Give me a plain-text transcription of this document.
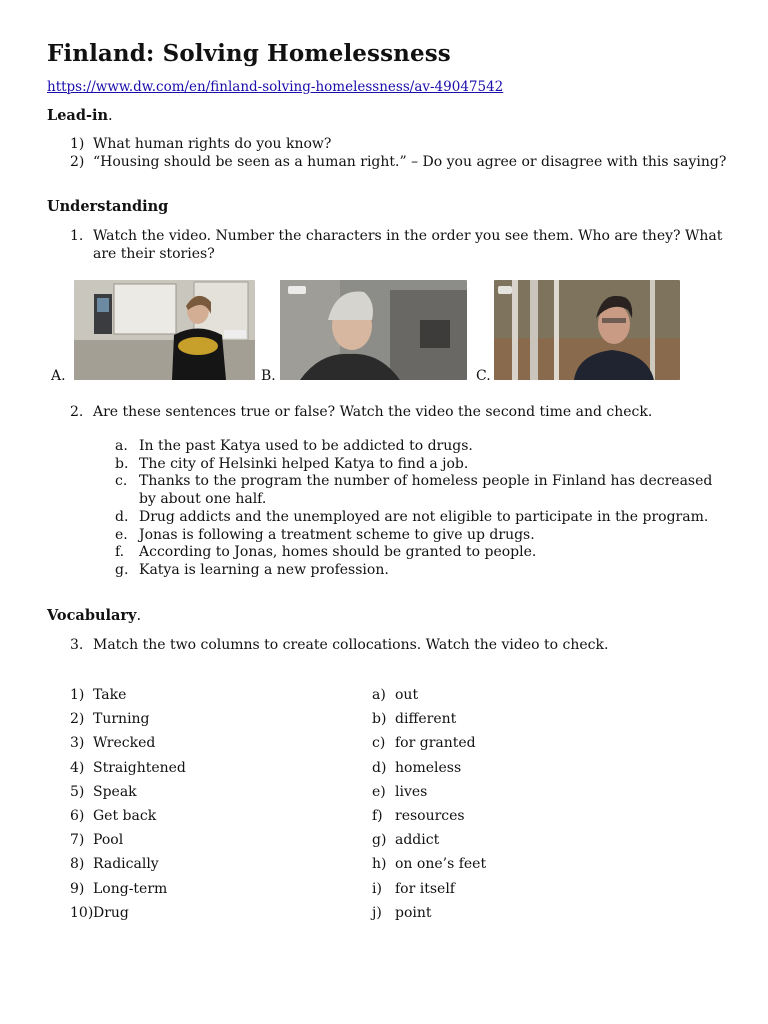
Finland: Solving Homelessness
https://www.dw.com/en/finland-solving-homelessness/av-49047542

Lead-in.

1) What human rights do you know?
2) “Housing should be seen as a human right.” – Do you agree or disagree with this saying?

Understanding

1. Watch the video. Number the characters in the order you see them. Who are they? What are their stories?
A.	B.	C.
2. Are these sentences true or false? Watch the video the second time and check.
a. In the past Katya used to be addicted to drugs.
b. The city of Helsinki helped Katya to find a job.
c. Thanks to the program the number of homeless people in Finland has decreased by about one half.
d. Drug addicts and the unemployed are not eligible to participate in the program.
e. Jonas is following a treatment scheme to give up drugs.
f. According to Jonas, homes should be granted to people.
g. Katya is learning a new profession.

Vocabulary.

3. Match the two columns to create collocations. Watch the video to check.
1) Take
2) Turning
3) Wrecked
4) Straightened
5) Speak
6) Get back
7) Pool
8) Radically
9) Long-term
10) Drug
a) out
b) different
c) for granted
d) homeless
e) lives
f) resources
g) addict
h) on one’s feet
i) for itself
j) point
